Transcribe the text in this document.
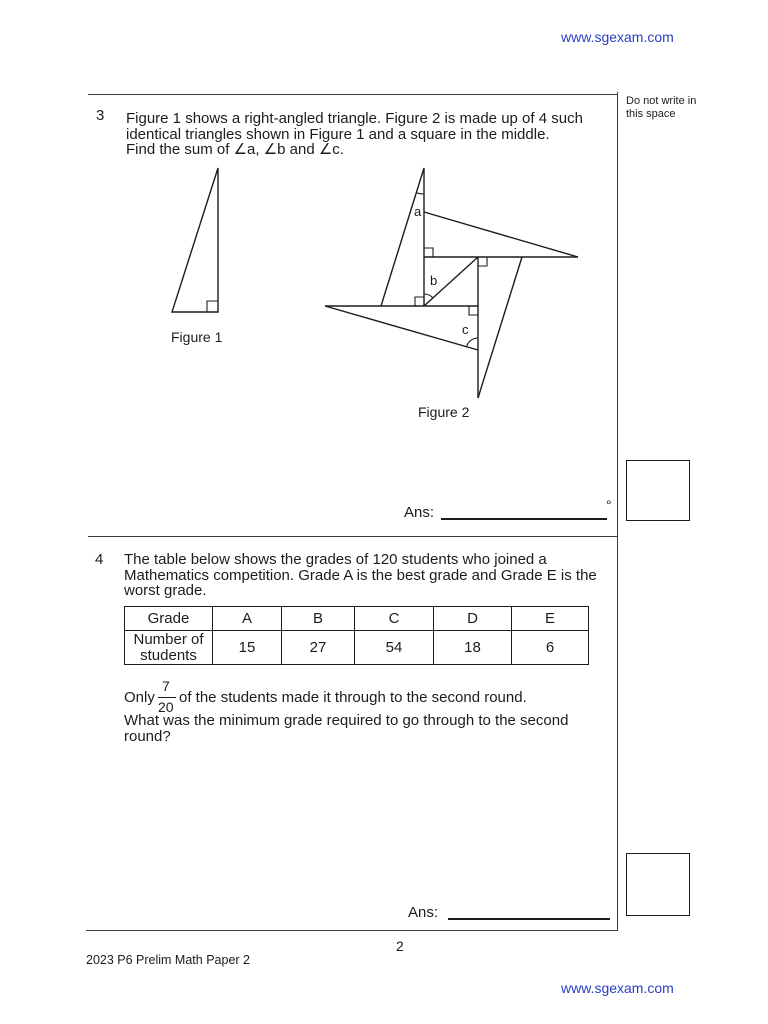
www.sgexam.com
Do not write in
this space
3 Figure 1 shows a right-angled triangle. Figure 2 is made up of 4 such
identical triangles shown in Figure 1 and a square in the middle.
Find the sum of ∠a, ∠b and ∠c.
a
b
c
Figure 1
Figure 2
Ans:	°
4 The table below shows the grades of 120 students who joined a
Mathematics competition. Grade A is the best grade and Grade E is the
worst grade.
Grade	A	B	C	D	E

Number of
students	15	27	54	18	6
Only
7
20
of the students made it through to the second round.
What was the minimum grade required to go through to the second
round?
Ans:
2
2023 P6 Prelim Math Paper 2
www.sgexam.com
